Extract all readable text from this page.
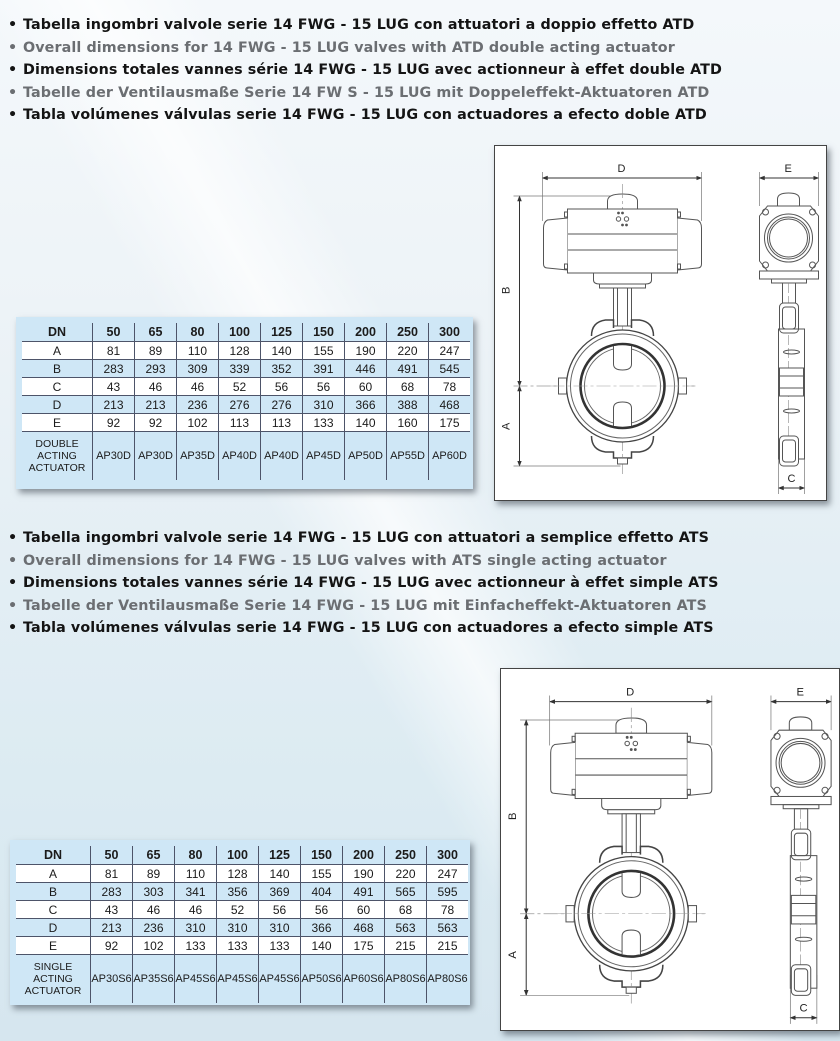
• Tabella ingombri valvole serie 14 FWG - 15 LUG con attuatori a doppio effetto ATD
• Overall dimensions for 14 FWG - 15 LUG valves with ATD double acting actuator
• Dimensions totales vannes série 14 FWG - 15 LUG avec actionneur à effet double ATD
• Tabelle der Ventilausmaße Serie 14 FW S - 15 LUG mit Doppeleffekt-Aktuatoren ATD
• Tabla volúmenes válvulas serie 14 FWG - 15 LUG con actuadores a efecto doble ATD
DN	50	65	80	100	125	150	200	250	300
A	81	89	110	128	140	155	190	220	247
B	283	293	309	339	352	391	446	491	545
C	43	46	46	52	56	56	60	68	78
D	213	213	236	276	276	310	366	388	468
E	92	92	102	113	113	133	140	160	175
DOUBLE ACTING ACTUATOR	AP30D	AP30D	AP35D	AP40D	AP40D	AP45D	AP50D	AP55D	AP60D
D	E
B
A
C
• Tabella ingombri valvole serie 14 FWG - 15 LUG con attuatori a semplice effetto ATS
• Overall dimensions for 14 FWG - 15 LUG valves with ATS single acting actuator
• Dimensions totales vannes série 14 FWG - 15 LUG avec actionneur à effet simple ATS
• Tabelle der Ventilausmaße Serie 14 FWG - 15 LUG mit Einfacheffekt-Aktuatoren ATS
• Tabla volúmenes válvulas serie 14 FWG - 15 LUG con actuadores a efecto simple ATS
DN	50	65	80	100	125	150	200	250	300
A	81	89	110	128	140	155	190	220	247
B	283	303	341	356	369	404	491	565	595
C	43	46	46	52	56	56	60	68	78
D	213	236	310	310	310	366	468	563	563
E	92	102	133	133	133	140	175	215	215
SINGLE ACTING ACTUATOR	AP30S6	AP35S6	AP45S6	AP45S6	AP45S6	AP50S6	AP60S6	AP80S6	AP80S6
D	E
B
A
C
